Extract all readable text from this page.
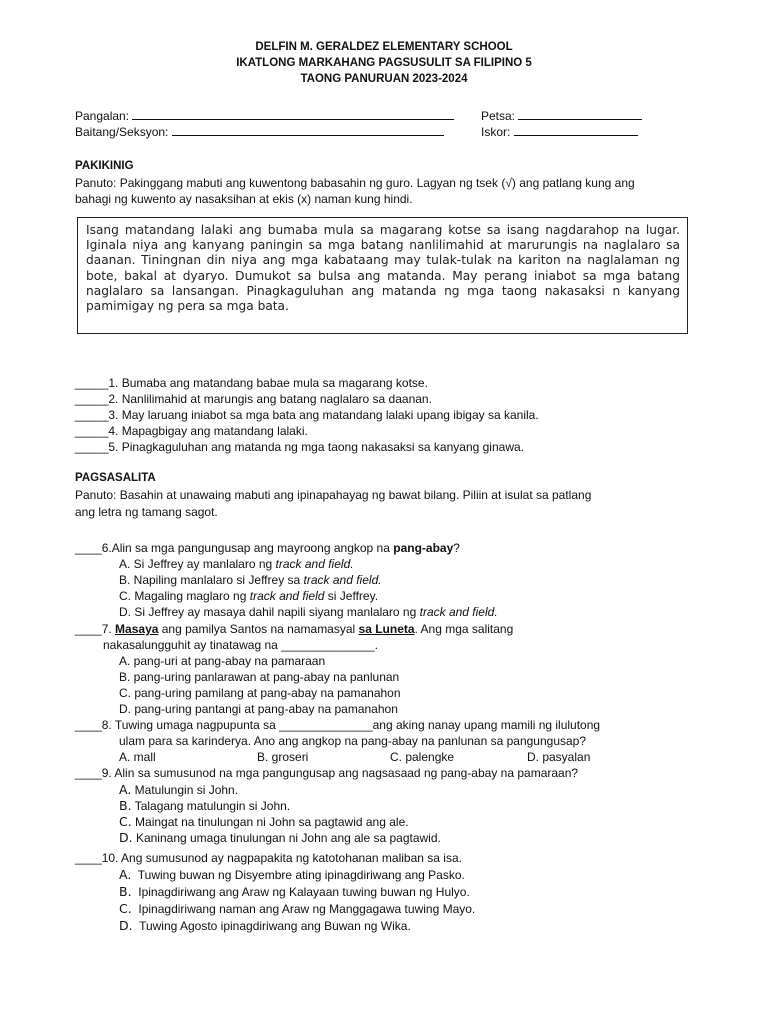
DELFIN M. GERALDEZ ELEMENTARY SCHOOL
IKATLONG MARKAHANG PAGSUSULIT SA FILIPINO 5
TAONG PANURUAN 2023-2024
Pangalan:	Petsa:
Baitang/Seksyon:	Iskor:
PAKIKINIG
Panuto: Pakinggang mabuti ang kuwentong babasahin ng guro. Lagyan ng tsek (√) ang patlang kung ang
bahagi ng kuwento ay nasaksihan at ekis (x) naman kung hindi.
Isang matandang lalaki ang bumaba mula sa magarang kotse sa isang nagdarahop na lugar. Iginala niya ang kanyang paningin sa mga batang nanlilimahid at marurungis na naglalaro sa daanan. Tiningnan din niya ang mga kabataang may tulak-tulak na kariton na naglalaman ng bote, bakal at dyaryo. Dumukot sa bulsa ang matanda. May perang iniabot sa mga batang naglalaro sa lansangan. Pinagkaguluhan ang matanda ng mga taong nakasaksi n kanyang pamimigay ng pera sa mga bata.
_____1. Bumaba ang matandang babae mula sa magarang kotse.
_____2. Nanlilimahid at marungis ang batang naglalaro sa daanan.
_____3. May laruang iniabot sa mga bata ang matandang lalaki upang ibigay sa kanila.
_____4. Mapagbigay ang matandang lalaki.
_____5. Pinagkaguluhan ang matanda ng mga taong nakasaksi sa kanyang ginawa.
PAGSASALITA
Panuto: Basahin at unawaing mabuti ang ipinapahayag ng bawat bilang. Piliin at isulat sa patlang
ang letra ng tamang sagot.
____6.Alin sa mga pangungusap ang mayroong angkop na pang-abay?
A. Si Jeffrey ay manlalaro ng track and field.
B. Napiling manlalaro si Jeffrey sa track and field.
C. Magaling maglaro ng track and field si Jeffrey.
D. Si Jeffrey ay masaya dahil napili siyang manlalaro ng track and field.
____7. Masaya ang pamilya Santos na namamasyal sa Luneta. Ang mga salitang
nakasalungguhit ay tinatawag na ______________.
A. pang-uri at pang-abay na pamaraan
B. pang-uring panlarawan at pang-abay na panlunan
C. pang-uring pamilang at pang-abay na pamanahon
D. pang-uring pantangi at pang-abay na pamanahon
____8. Tuwing umaga nagpupunta sa ______________ang aking nanay upang mamili ng ilulutong
ulam para sa karinderya. Ano ang angkop na pang-abay na panlunan sa pangungusap?
A. mall	B. groseri	C. palengke	D. pasyalan
____9. Alin sa sumusunod na mga pangungusap ang nagsasaad ng pang-abay na pamaraan?
A. Matulungin si John.
B. Talagang matulungin si John.
C. Maingat na tinulungan ni John sa pagtawid ang ale.
D. Kaninang umaga tinulungan ni John ang ale sa pagtawid.
____10. Ang sumusunod ay nagpapakita ng katotohanan maliban sa isa.
A. Tuwing buwan ng Disyembre ating ipinagdiriwang ang Pasko.
B. Ipinagdiriwang ang Araw ng Kalayaan tuwing buwan ng Hulyo.
C. Ipinagdiriwang naman ang Araw ng Manggagawa tuwing Mayo.
D. Tuwing Agosto ipinagdiriwang ang Buwan ng Wika.
